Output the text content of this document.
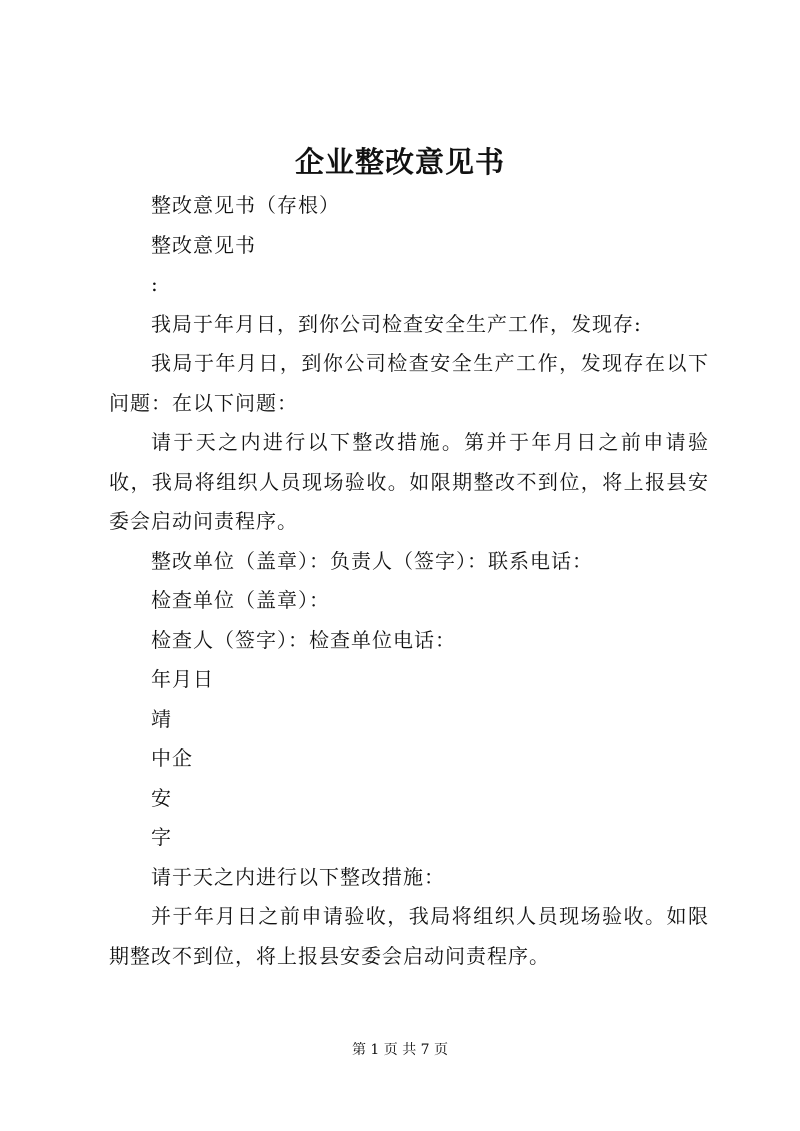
企业整改意见书

整改意见书（存根）

整改意见书

:

我局于年月日，到你公司检查安全生产工作，发现存:

我局于年月日，到你公司检查安全生产工作，发现存在以下问题：在以下问题：

请于天之内进行以下整改措施。第并于年月日之前申请验收，我局将组织人员现场验收。如限期整改不到位，将上报县安委会启动问责程序。

整改单位（盖章）：负责人（签字）：联系电话：

检查单位（盖章）：

检查人（签字）：检查单位电话：

年月日

靖

中企

安

字

请于天之内进行以下整改措施：

并于年月日之前申请验收，我局将组织人员现场验收。如限期整改不到位，将上报县安委会启动问责程序。

第 1 页 共 7 页
